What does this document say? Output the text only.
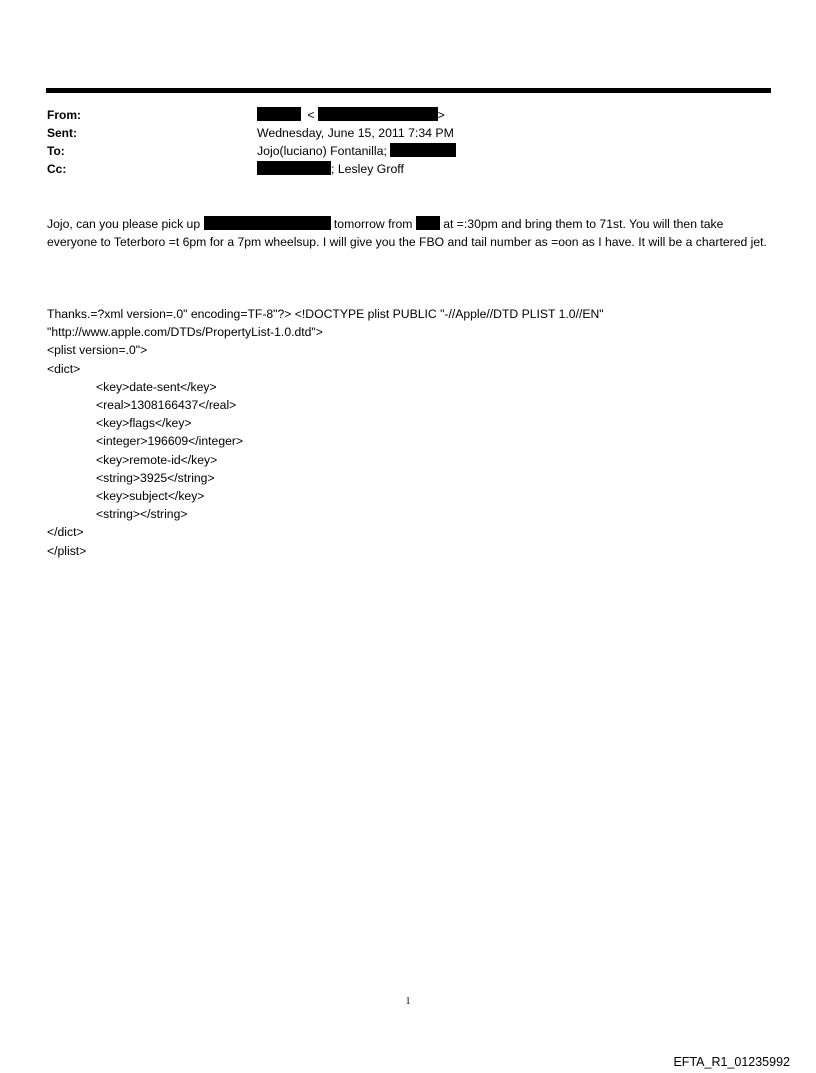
From:	<	>
Sent:	Wednesday, June 15, 2011 7:34 PM
To:	Jojo(luciano) Fontanilla;
Cc:	; Lesley Groff

Jojo, can you please pick up	tomorrow from	at =:30pm and bring them to 71st. You will then take everyone to Teterboro =t 6pm for a 7pm wheelsup. I will give you the FBO and tail number as =oon as I have. It will be a chartered jet.

Thanks.=?xml version=.0" encoding=TF-8"?> <!DOCTYPE plist PUBLIC "-//Apple//DTD PLIST 1.0//EN"
"http://www.apple.com/DTDs/PropertyList-1.0.dtd">
<plist version=.0">
<dict>
<key>date-sent</key>
<real>1308166437</real>
<key>flags</key>
<integer>196609</integer>
<key>remote-id</key>
<string>3925</string>
<key>subject</key>
<string></string>
</dict>
</plist>
1
EFTA_R1_01235992
